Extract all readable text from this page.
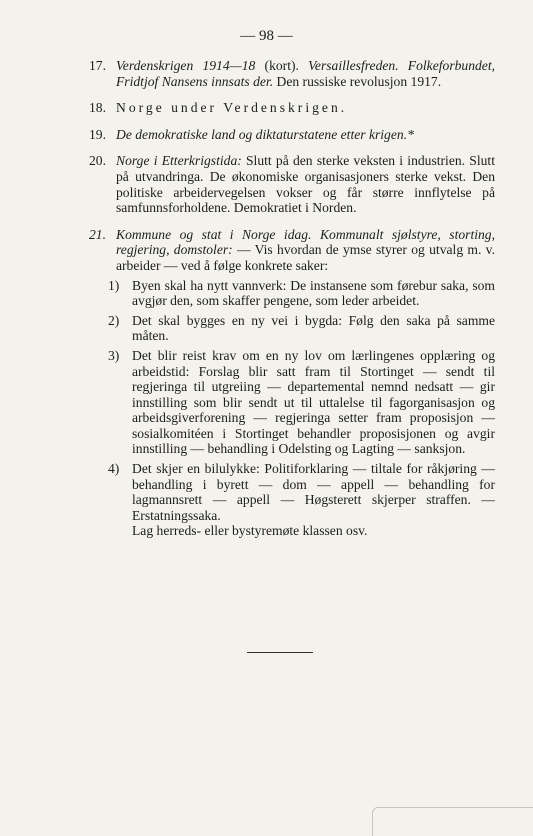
— 98 —
17. Verdenskrigen 1914—18 (kort). Versaillesfreden. Folkeforbundet, Fridtjof Nansens innsats der. Den russiske revolusjon 1917.
18. Norge under Verdenskrigen.
19. De demokratiske land og diktaturstatene etter krigen.*
20. Norge i Etterkrigstida: Slutt på den sterke veksten i industrien. Slutt på utvandringa. De økonomiske organisasjoners sterke vekst. Den politiske arbeidervegelsen vokser og får større innflytelse på samfunnsforholdene. Demokratiet i Norden.
21. Kommune og stat i Norge idag. Kommunalt sjølstyre, storting, regjering, domstoler: — Vis hvordan de ymse styrer og utvalg m. v. arbeider — ved å følge konkrete saker:
1) Byen skal ha nytt vannverk: De instansene som førebur saka, som avgjør den, som skaffer pengene, som leder arbeidet.
2) Det skal bygges en ny vei i bygda: Følg den saka på samme måten.
3) Det blir reist krav om en ny lov om lærlingenes opplæring og arbeidstid: Forslag blir satt fram til Stortinget — sendt til regjeringa til utgreiing — departemental nemnd nedsatt — gir innstilling som blir sendt ut til uttalelse til fagorganisasjon og arbeidsgiverforening — regjeringa setter fram proposisjon — sosialkomitéen i Stortinget behandler proposisjonen og avgir innstilling — behandling i Odelsting og Lagting — sanksjon.
4) Det skjer en bilulykke: Politiforklaring — tiltale for råkjøring — behandling i byrett — dom — appell — behandling for lagmannsrett — appell — Høgsterett skjerper straffen. — Erstatningssaka.
Lag herreds- eller bystyremøte klassen osv.
